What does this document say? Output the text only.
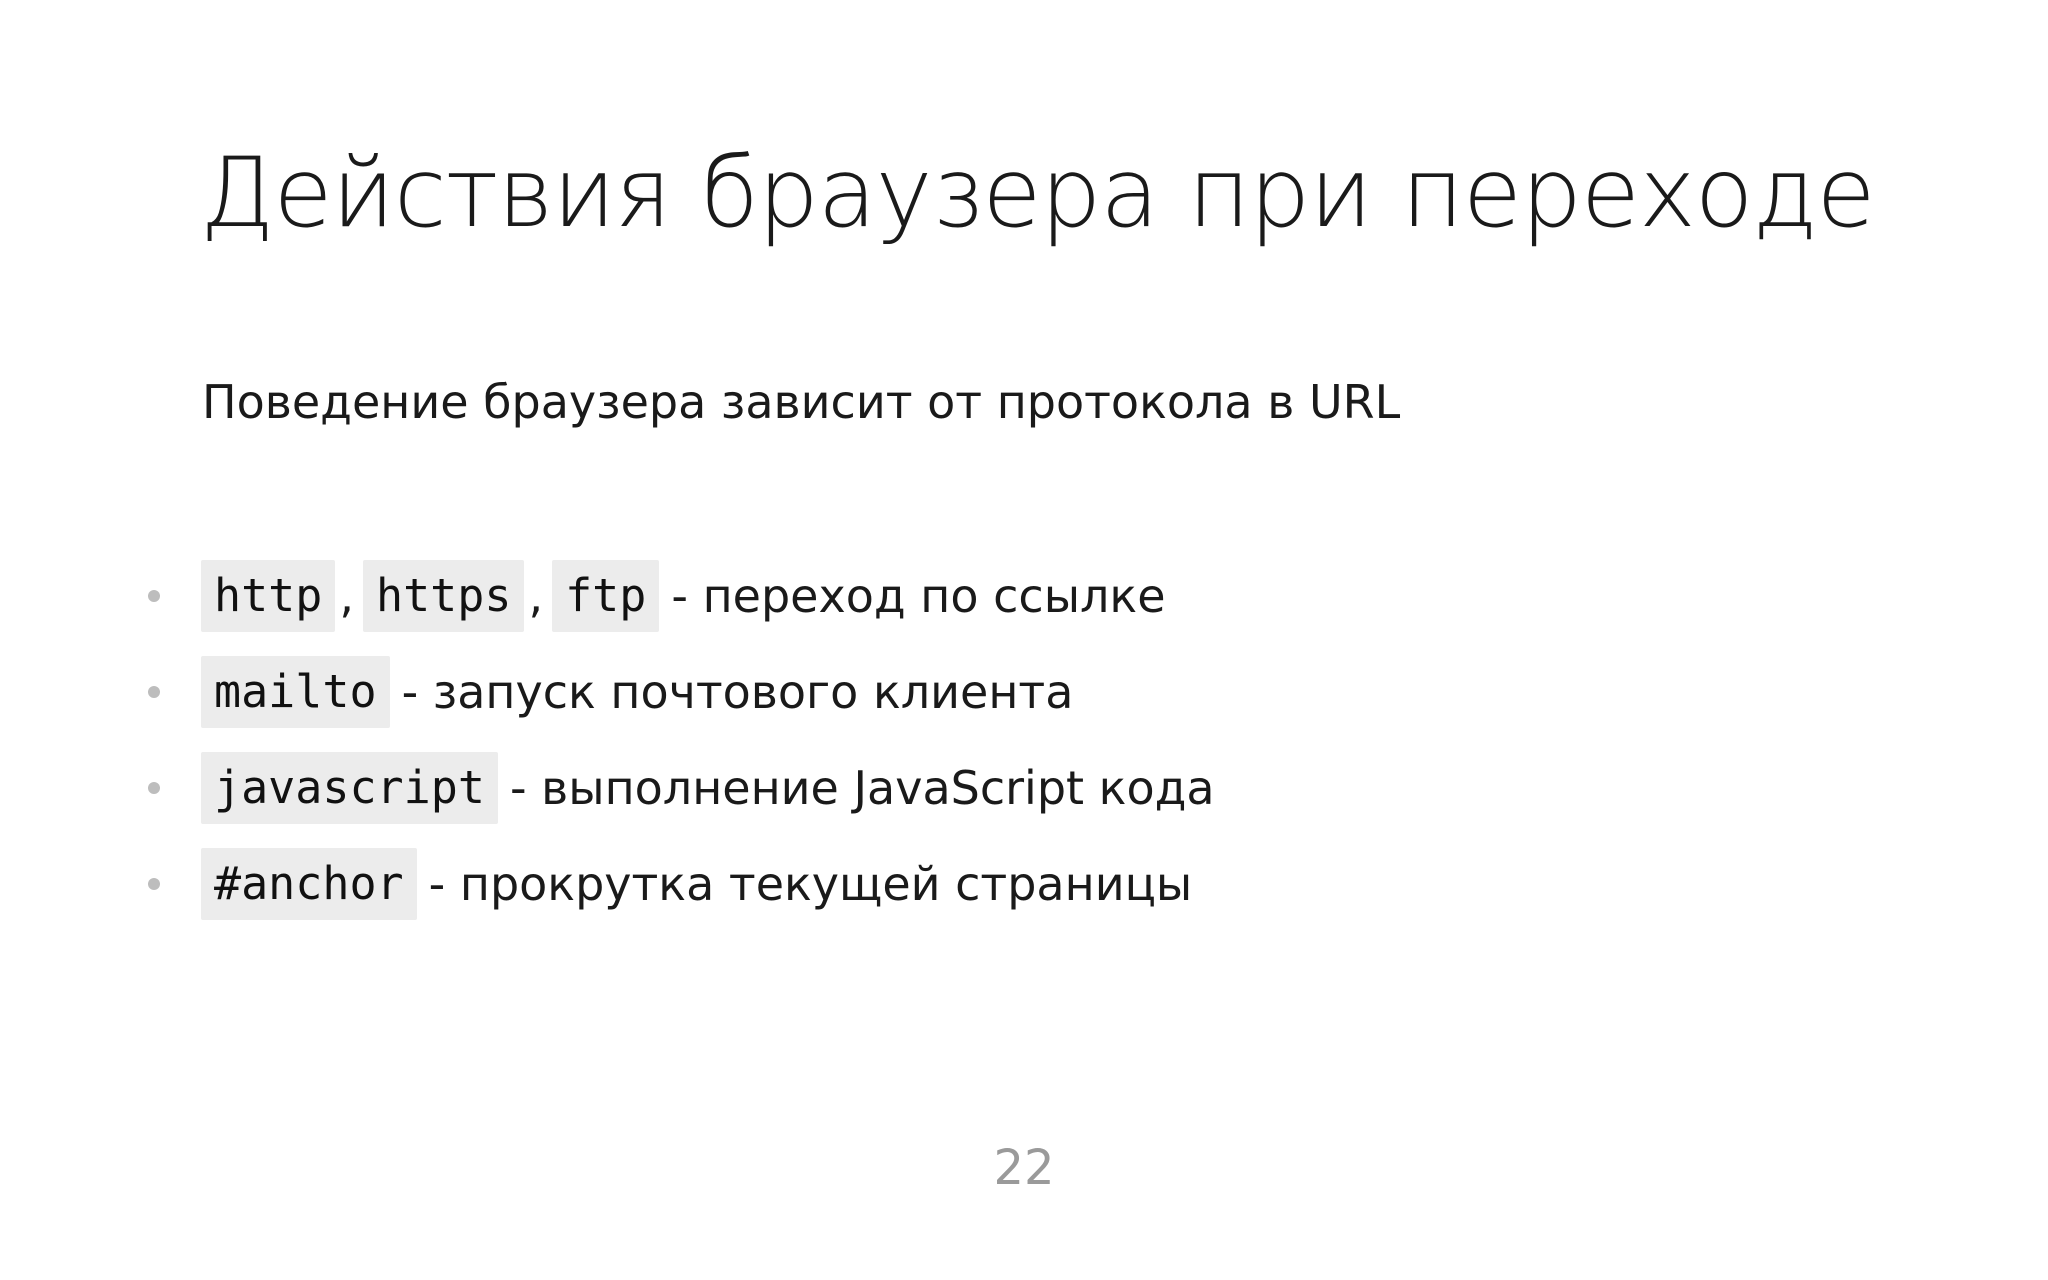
Действия браузера при переходе

Поведение браузера зависит от протокола в URL

http , https , ftp - переход по ссылке
mailto - запуск почтового клиента
javascript - выполнение JavaScript кода
#anchor - прокрутка текущей страницы

22
